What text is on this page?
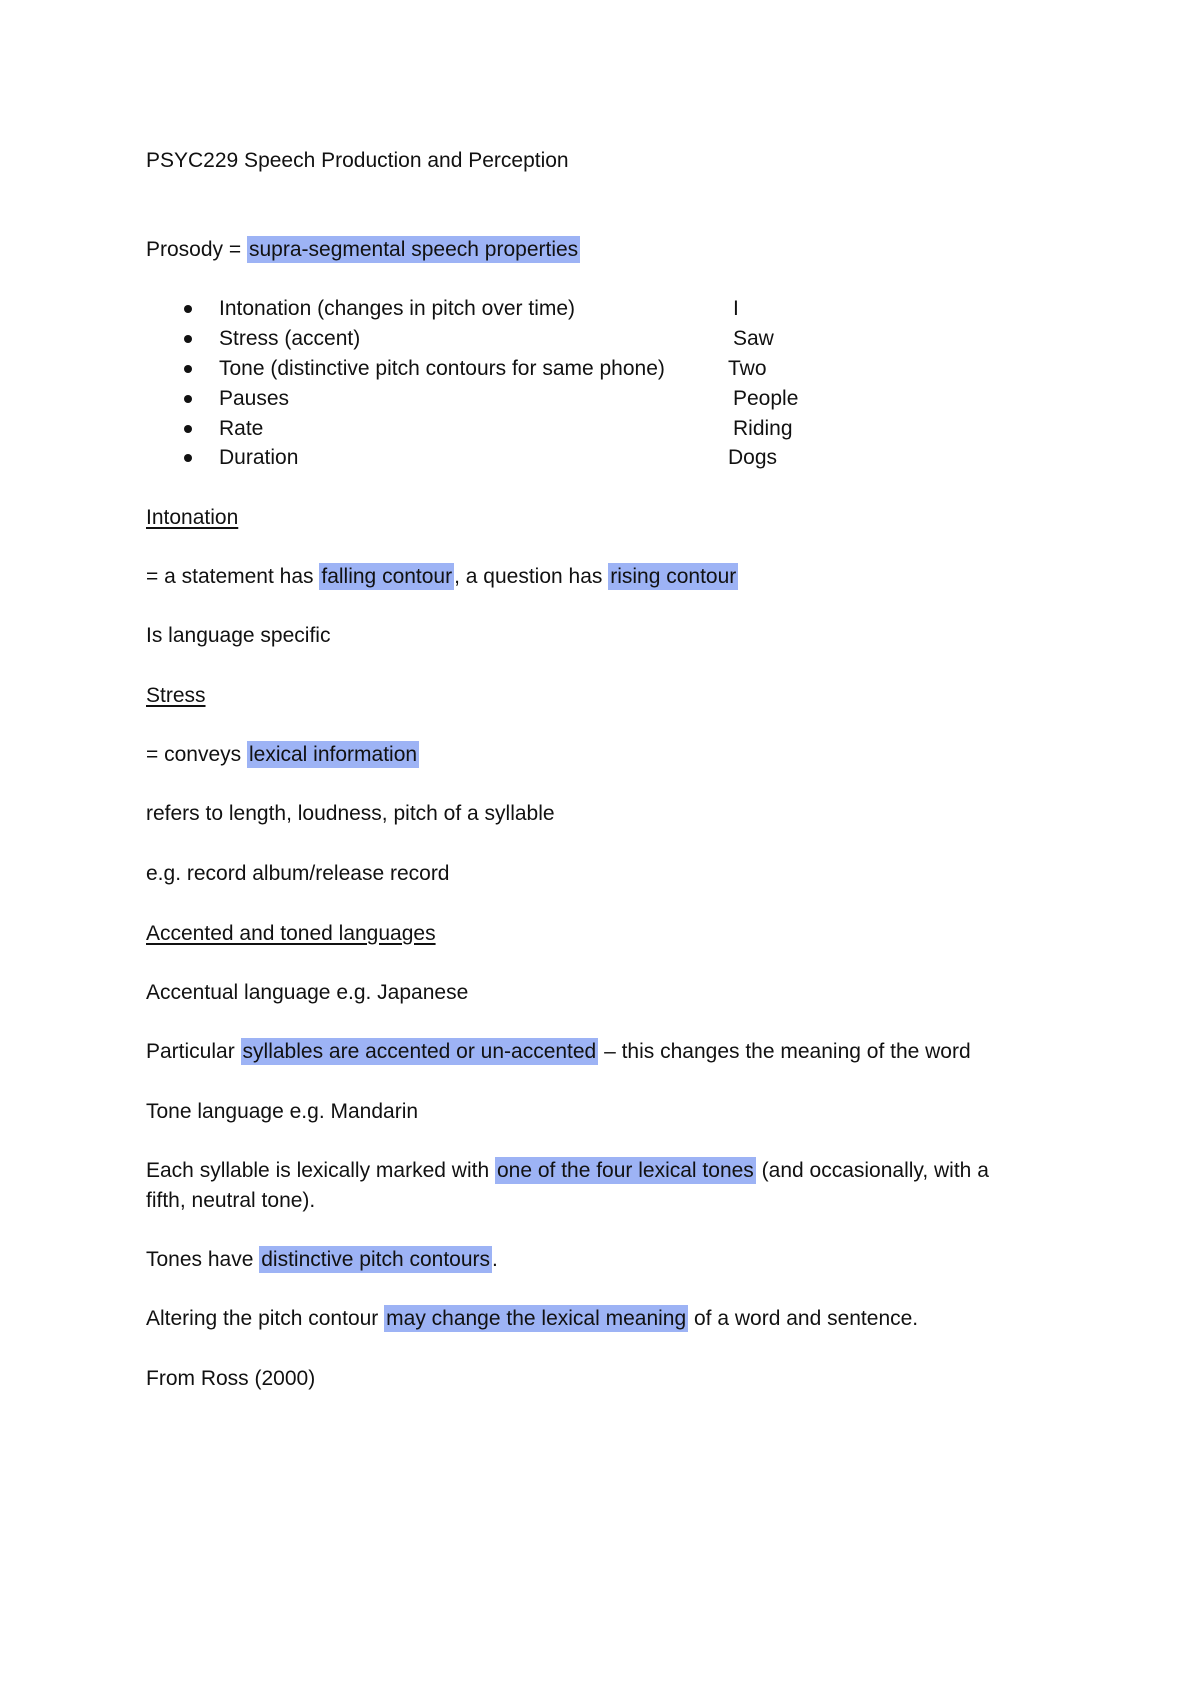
PSYC229 Speech Production and Perception
Prosody = supra-segmental speech properties
Intonation (changes in pitch over time)	I
Stress (accent)	Saw
Tone (distinctive pitch contours for same phone)	Two
Pauses	People
Rate	Riding
Duration	Dogs
Intonation
= a statement has falling contour, a question has rising contour
Is language specific
Stress
= conveys lexical information
refers to length, loudness, pitch of a syllable
e.g. record album/release record
Accented and toned languages
Accentual language e.g. Japanese
Particular syllables are accented or un-accented – this changes the meaning of the word
Tone language e.g. Mandarin
Each syllable is lexically marked with one of the four lexical tones (and occasionally, with a
fifth, neutral tone).
Tones have distinctive pitch contours.
Altering the pitch contour may change the lexical meaning of a word and sentence.
From Ross (2000)
